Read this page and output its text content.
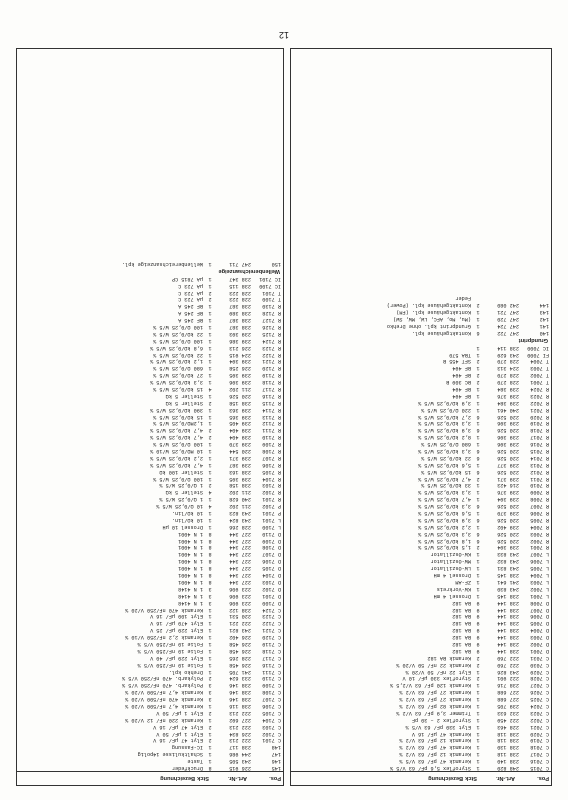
Pos.
Art.-Nr.
Stck
Bezeichnung
C 7015
248 820
1
Styroflex 5,6 pF/ 63 V/5 %
C 7016
238 140
1
Keramik 47 pF/ 63 V/5 %
C 7017
238 118
1
Keramik 12 pF/ 63 V/2 %
C 7018
238 130
1
Keramik 47 pF/ 63 V/2 %
C 7019
238 118
1
Keramik 12 pF/ 63 V/2 %
C 7020
238 118
1
Keramik 47 µF/ 16 V
C 7021
228 463
1
Elyt 330 pF/ 63 V/5 %
C 7022
222 459
1
Styroflex 2 – 30 pF
C 7023
232 633
1
Trimmer 3,9 pF/ 63 V/2 %
C 7024
239 705
1
Keramik 82 pF/ 63 V/2 %
C 7025
227 688
1
Keramik 27 pF/ 63 V/2 %
C 7026
227 688
1
Keramik 27 pF/ 63 V/2 %
C 7027
238 716
1
Keramik 120 pF/ 63 V/2,5 %
C 7028
222 901
2
Styroflex 330 µF/ 10 V
C 7029
243 826
1
Elyt 22 nF/ 50 V/20 %
C 7030
222 760
2
Keramik 22 nF/ 50 V/20 %
C 7031
222 760
2
Keramik BA 182
D 7001
238 144
9
BA 182
D 7002
238 144
9
BA 182
D 7003
238 144
9
BA 182
D 7004
238 144
9
BA 182
D 7005
238 144
9
BA 182
D 7006
238 144
9
BA 182
D 7007
238 144
9
BA 182
D 7008
238 144
9
BA 182
L 7001
238 145
1
Drossel 4 mH
L 7002
243 830
1
KW-Vorkreis
L 7003
241 641
1
ZF-AM
L 7004
238 145
1
Drossel 4 mH
L 7005
243 831
1
LW-Oszillator
L 7006
243 832
1
MW-Oszillator
L 7007
243 833
1
KW-Oszillator
R 7001
239 394
2
1,5 kΩ/0,25 W/5 %
R 7002
220 526
6
1,8 kΩ/0,25 W/5 %
R 7003
220 526
6
3,3 kΩ/0,25 W/5 %
R 7004
239 402
1
2,2 kΩ/0,25 W/5 %
R 7005
220 526
6
3,9 kΩ/0,25 W/5 %
R 7006
239 370
1
5,6 kΩ/0,25 W/5 %
R 7007
220 526
6
3,3 kΩ/0,25 W/5 %
R 7008
239 394
1
4,7 kΩ/0,25 W/5 %
R 7009
239 376
1
3,3 kΩ/0,25 W/5 %
R 7010
216 423
1
33 kΩ/0,25 W/5 %
R 7011
239 371
2
4,7 kΩ/0,25 W/5 %
R 7012
220 526
6
15 kΩ/0,25 W/5 %
R 7013
239 377
1
5,6 kΩ/0,25 W/5 %
R 7014
220 526
6
22 kΩ/0,25 W/5 %
R 7015
220 526
6
3,3 kΩ/0,25 W/5 %
R 7016
239 396
1
680 Ω/0,25 W/5 %
R 7017
239 396
1
8,2 kΩ/0,25 W/5 %
R 7018
220 526
6
3,9 kΩ/0,25 W/5 %
R 7019
239 396
1
3,3 kΩ/0,25 W/5 %
R 7020
220 526
6
2,7 kΩ/0,25 W/5 %
R 7021
240 461
1
220 Ω/0,25 W/5 %
R 7022
239 384
1
3,9 kΩ/0,25 W/5 %
R 7023
239 376
1
BF 494
R 7024
239 384
1
BF 494
T 7001
228 270
2
BC 309 B
T 7002
228 270
2
BF 494
T 7003
224 313
1
BF 494
T 7004
228 270
2
SFT 455 B
FI 7000
243 629
1
TBA 570
IC 7000
238 114
1
Grundprint
140
247 722
6
Kontaktgehäuse kpl.
141
247 724
1
Grundprint kpl. ohne Drehko
142
247 720
1
(Mu, Mo, AFC, LW, MW, SW)
143
247 721
1
Kontaktgehäuse kpl. (FM)
144
242 080
2
Kontaktgehäuse kpl. (Power)
Feder
Pos.
Art.-Nr.
Stck
Bezeichnung
145
226 915
8
Druckfeder
146
243 505
1
Taste
147
244 986
1
Schaltkulisse 14polig
148
238 117
1
IC-Fassung
C 7101
222 213
2
Elyt 47 µF/ 16 V
C 7102
226 834
1
Elyt 1 µF/ 50 V
C 7103
222 213
2
Elyt 47 µF/ 16 V
C 7104
227 692
1
Keramik 220 nF/ 12 V/20 %
C 7105
222 213
2
Elyt 1 µF/ 50 V
C 7106
238 116
1
Keramik 4,7 nF/500 V/20 %
C 7107
238 146
3
Keramik 470 nF/500 V/20 %
C 7108
238 146
3
Keramik 4,7 nF/500 V/20 %
C 7109
238 146
3
Polykarb. 470 nF/250 V/5 %
C 7110
233 624
2
Polykarb. 470 nF/250 V/5 %
C 7111
241 705
1
Drehko kpl.
C 7116
226 458
1
Folie 10 nF/250 V/5 %
C 7117
228 265
1
Elyt 220 µF/ 40 V
C 7118
226 458
1
Folie 10 nF/250 V/5 %
C 7119
226 458
1
Folie 10 nF/250 V/5 %
C 7120
226 402
1
Keramik 2,2 nF/250 V/10 %
C 7121
243 821
1
Elyt 220 µF/ 25 V
C 7122
222 221
1
Elyt 470 µF/ 16 V
C 7123
220 531
1
Elyt 100 µF/ 16 V
C 7124
238 122
1
Keramik 470 nF/250 V/20 %
D 7100
223 906
3
1 N 4148
D 7101
223 906
3
1 N 4148
D 7102
223 906
3
1 N 4148
D 7103
227 344
8
1 N 4001
D 7104
227 344
8
1 N 4001
D 7105
227 344
8
1 N 4001
D 7106
227 344
8
1 N 4001
D 7107
227 344
8
1 N 4001
D 7108
227 344
8
1 N 4001
D 7109
227 344
8
1 N 4001
D 7110
227 344
8
1 N 4001
L 7100
228 266
1
Drossel 10 µH
L 7101
243 824
1
10 kΩ/lin.
P 7101
243 823
1
10 kΩ/lin.
P 7102
211 202
4
10 Ω/0,25 W/5 %
R 7101
240 628
1
1 Ω/0,25 W/5 %
R 7102
211 202
4
Steller 5 kΩ
R 7103
238 158
2
1 Ω/0,25 W/5 %
R 7104
239 395
1
100 Ω/0,25 W/5 %
R 7105
238 163
1
Steller 100 kΩ
R 7106
239 387
1
4,7 kΩ/0,25 W/5 %
R 7107
239 371
1
2,2 kΩ/0,25 W/5 %
R 7108
220 544
1
10 MΩ/0,25 W/10 %
R 7109
239 370
1
100 Ω/0,25 W/5 %
R 7110
239 404
2
4,7 kΩ/0,25 W/5 %
R 7111
239 404
2
4,7 kΩ/0,25 W/5 %
R 7112
239 405
1
1,2MΩ/0,25 W/5 %
R 7113
239 365
1
15 kΩ/0,25 W/5 %
R 7114
239 363
1
390 kΩ/0,25 W/5 %
R 7115
238 158
2
Steller 5 kΩ
R 7116
220 526
1
Steller 5 kΩ
R 7117
211 202
4
15 kΩ/0,25 W/5 %
R 7118
239 396
1
3,3 kΩ/0,25 W/5 %
R 7119
239 395
1
27 kΩ/0,25 W/5 %
R 7120
226 258
1
680 Ω/0,25 W/5 %
R 7121
239 394
1
1,2 kΩ/0,25 W/5 %
R 7122
224 915
1
22 kΩ/0,25 W/5 %
R 7123
226 213
1
6,8 kΩ/0,25 W/5 %
R 7124
239 386
1
100 Ω/0,25 W/5 %
R 7125
239 393
1
22 kΩ/0,25 W/5 %
R 7126
238 387
1
100 Ω/0,25 W/5 %
R 7127
238 387
1
BF 245 A
R 7128
238 389
1
BF 245 A
R 7130
238 387
1
BF 245 A
T 7100
228 223
2
µA 723 C
T 7101
228 223
2
µA 723 C
IC 7100
238 115
1
µA 723 C
IC 7101
238 347
1
µA 7815 CP
Wellenbereichsanzeige
150
247 711
1
Wellenbereichsanzeige kpl.
12
